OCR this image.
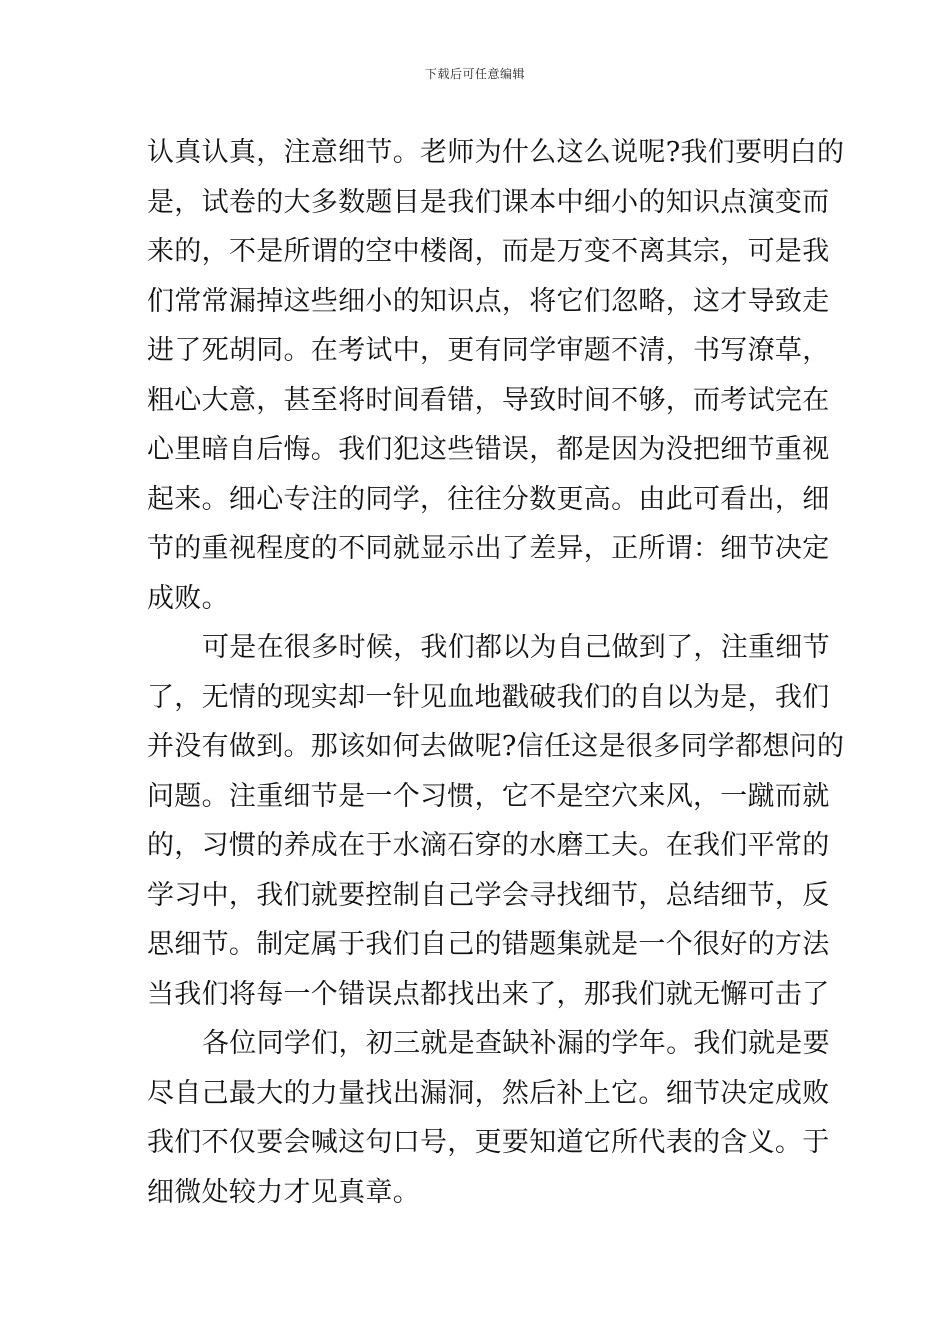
下载后可任意编辑
认真认真，注意细节。老师为什么这么说呢?我们要明白的
是，试卷的大多数题目是我们课本中细小的知识点演变而
来的，不是所谓的空中楼阁，而是万变不离其宗，可是我
们常常漏掉这些细小的知识点，将它们忽略，这才导致走
进了死胡同。在考试中，更有同学审题不清，书写潦草，
粗心大意，甚至将时间看错，导致时间不够，而考试完在
心里暗自后悔。我们犯这些错误，都是因为没把细节重视
起来。细心专注的同学，往往分数更高。由此可看出，细
节的重视程度的不同就显示出了差异，正所谓：细节决定
成败。
可是在很多时候，我们都以为自己做到了，注重细节
了，无情的现实却一针见血地戳破我们的自以为是，我们
并没有做到。那该如何去做呢?信任这是很多同学都想问的
问题。注重细节是一个习惯，它不是空穴来风，一蹴而就
的，习惯的养成在于水滴石穿的水磨工夫。在我们平常的
学习中，我们就要控制自己学会寻找细节，总结细节，反
思细节。制定属于我们自己的错题集就是一个很好的方法
当我们将每一个错误点都找出来了，那我们就无懈可击了
各位同学们，初三就是查缺补漏的学年。我们就是要
尽自己最大的力量找出漏洞，然后补上它。细节决定成败
我们不仅要会喊这句口号，更要知道它所代表的含义。于
细微处较力才见真章。
